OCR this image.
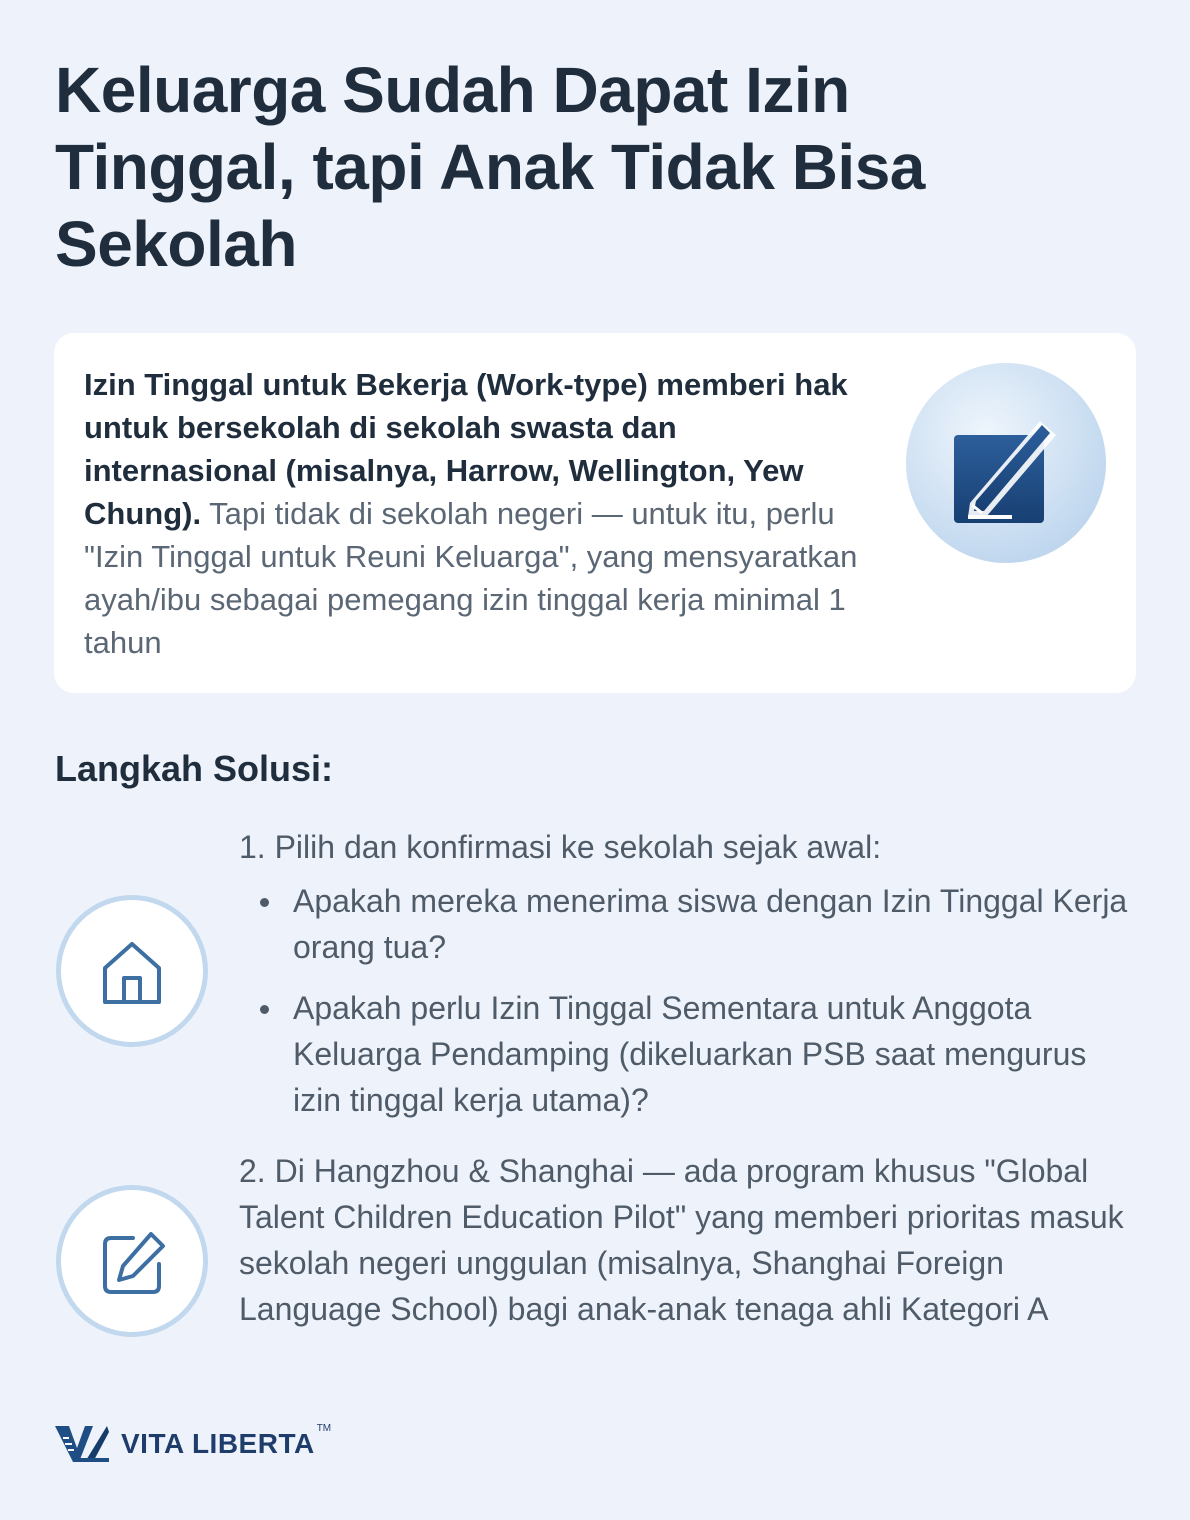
Keluarga Sudah Dapat Izin Tinggal, tapi Anak Tidak Bisa Sekolah
Izin Tinggal untuk Bekerja (Work-type) memberi hak untuk bersekolah di sekolah swasta dan internasional (misalnya, Harrow, Wellington, Yew Chung). Tapi tidak di sekolah negeri — untuk itu, perlu "Izin Tinggal untuk Reuni Keluarga", yang mensyaratkan ayah/ibu sebagai pemegang izin tinggal kerja minimal 1 tahun
Langkah Solusi:
1. Pilih dan konfirmasi ke sekolah sejak awal:
Apakah mereka menerima siswa dengan Izin Tinggal Kerja orang tua?
Apakah perlu Izin Tinggal Sementara untuk Anggota Keluarga Pendamping (dikeluarkan PSB saat mengurus izin tinggal kerja utama)?
2. Di Hangzhou & Shanghai — ada program khusus "Global Talent Children Education Pilot" yang memberi prioritas masuk sekolah negeri unggulan (misalnya, Shanghai Foreign Language School) bagi anak-anak tenaga ahli Kategori A
VITA LIBERTA TM
